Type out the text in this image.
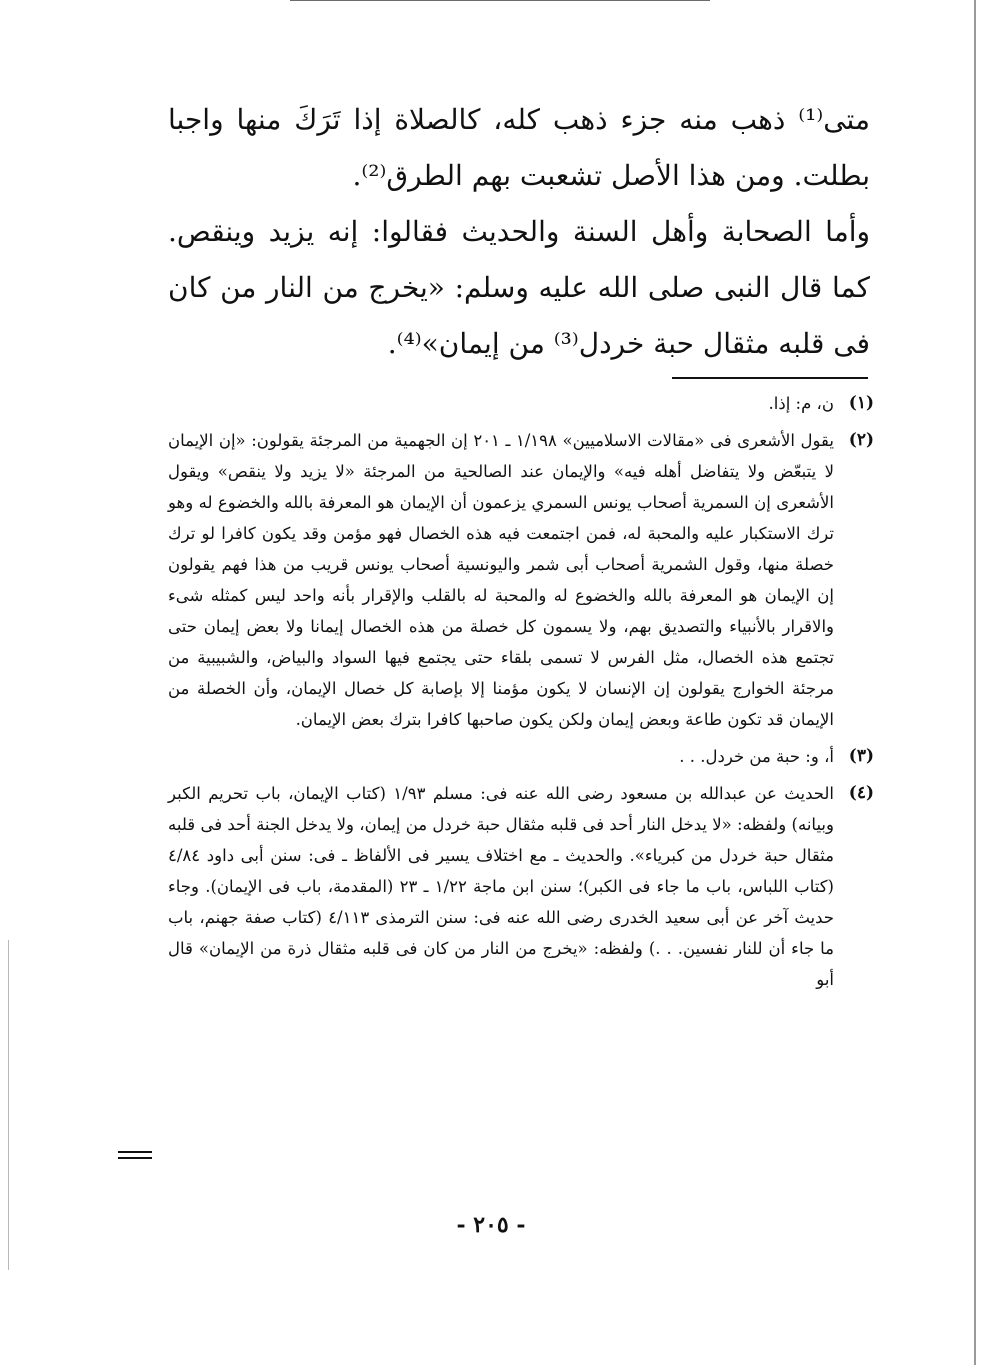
متى⁽¹⁾ ذهب منه جزء ذهب كله، كالصلاة إذا تَرَكَ منها واجبا بطلت. ومن هذا الأصل تشعبت بهم الطرق⁽²⁾.

وأما الصحابة وأهل السنة والحديث فقالوا: إنه يزيد وينقص. كما قال النبى صلى الله عليه وسلم: «يخرج من النار من كان فى قلبه مثقال حبة خردل⁽³⁾ من إيمان»⁽⁴⁾.

(١)

ن، م: إذا.

(٢)

يقول الأشعرى فى «مقالات الاسلاميين» ١/١٩٨ ـ ٢٠١ إن الجهمية من المرجئة يقولون: «إن الإيمان لا يتبعّض ولا يتفاضل أهله فيه» والإيمان عند الصالحية من المرجئة «لا يزيد ولا ينقص» ويقول الأشعرى إن السمرية أصحاب يونس السمري يزعمون أن الإيمان هو المعرفة بالله والخضوع له وهو ترك الاستكبار عليه والمحبة له، فمن اجتمعت فيه هذه الخصال فهو مؤمن وقد يكون كافرا لو ترك خصلة منها، وقول الشمرية أصحاب أبى شمر واليونسية أصحاب يونس قريب من هذا فهم يقولون إن الإيمان هو المعرفة بالله والخضوع له والمحبة له بالقلب والإقرار بأنه واحد ليس كمثله شىء والاقرار بالأنبياء والتصديق بهم، ولا يسمون كل خصلة من هذه الخصال إيمانا ولا بعض إيمان حتى تجتمع هذه الخصال، مثل الفرس لا تسمى بلقاء حتى يجتمع فيها السواد والبياض، والشبيبية من مرجئة الخوارج يقولون إن الإنسان لا يكون مؤمنا إلا بإصابة كل خصال الإيمان، وأن الخصلة من الإيمان قد تكون طاعة وبعض إيمان ولكن يكون صاحبها كافرا بترك بعض الإيمان.

(٣)

أ، و: حبة من خردل. . .

(٤)

الحديث عن عبدالله بن مسعود رضى الله عنه فى: مسلم ١/٩٣ (كتاب الإيمان، باب تحريم الكبر وبيانه) ولفظه: «لا يدخل النار أحد فى قلبه مثقال حبة خردل من إيمان، ولا يدخل الجنة أحد فى قلبه مثقال حبة خردل من كبرياء». والحديث ـ مع اختلاف يسير فى الألفاظ ـ فى: سنن أبى داود ٤/٨٤ (كتاب اللباس، باب ما جاء فى الكبر)؛ سنن ابن ماجة ١/٢٢ ـ ٢٣ (المقدمة، باب فى الإيمان). وجاء حديث آخر عن أبى سعيد الخدرى رضى الله عنه فى: سنن الترمذى ٤/١١٣ (كتاب صفة جهنم، باب ما جاء أن للنار نفسين. . .) ولفظه: «يخرج من النار من كان فى قلبه مثقال ذرة من الإيمان» قال أبو

- ٢٠٥ -
